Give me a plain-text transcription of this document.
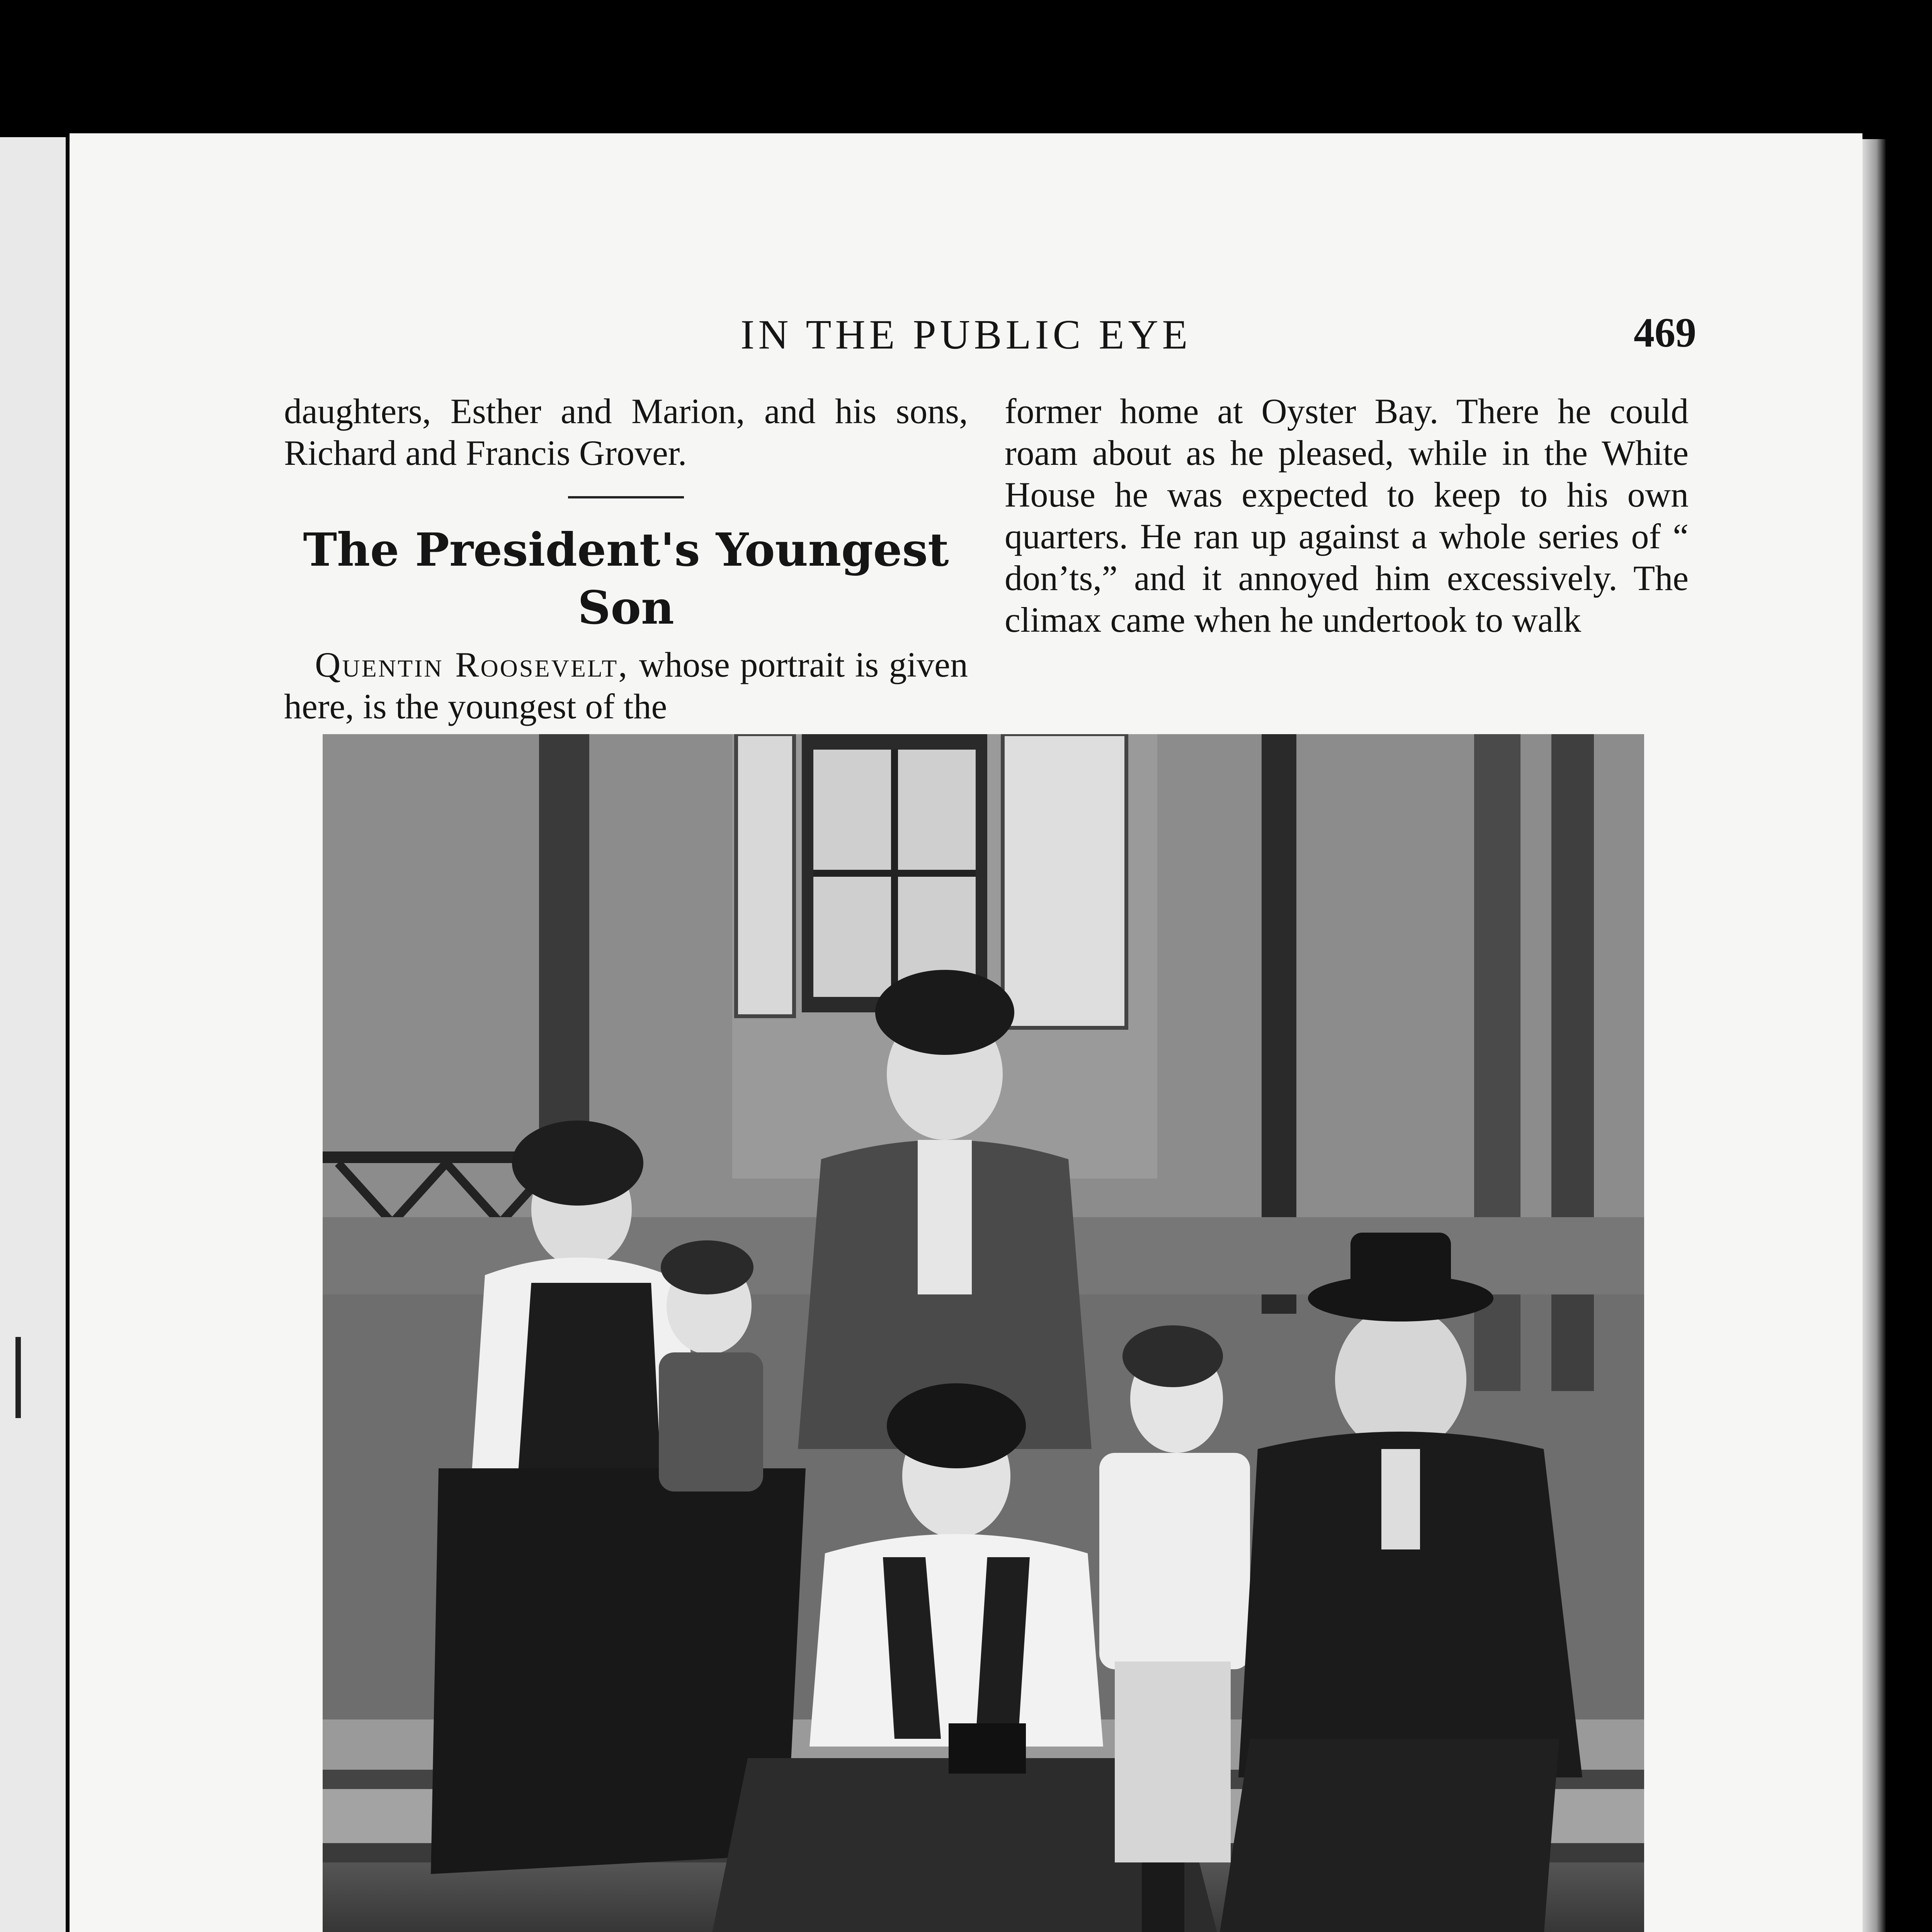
IN THE PUBLIC EYE	469

daughters, Esther and Marion, and his sons, Richard and Francis Grover.

The President's Youngest Son

Quentin Roosevelt, whose portrait is given here, is the youngest of the

former home at Oyster Bay. There he could roam about as he pleased, while in the White House he was expected to keep to his own quarters. He ran up against a whole series of “ don’ts,” and it annoyed him excessively. The climax came when he undertook to walk
